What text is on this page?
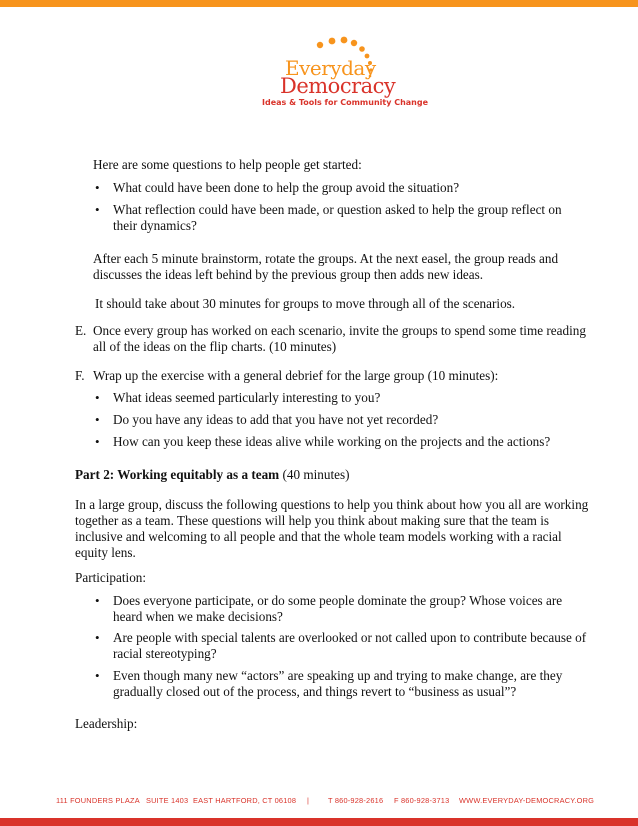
Everyday
Democracy
Ideas & Tools for Community Change

Here are some questions to help people get started:

• What could have been done to help the group avoid the situation?

• What reflection could have been made, or question asked to help the group reflect on

their dynamics?

After each 5 minute brainstorm, rotate the groups. At the next easel, the group reads and

discusses the ideas left behind by the previous group then adds new ideas.

It should take about 30 minutes for groups to move through all of the scenarios.

E. Once every group has worked on each scenario, invite the groups to spend some time reading

all of the ideas on the flip charts. (10 minutes)

F. Wrap up the exercise with a general debrief for the large group (10 minutes):

• What ideas seemed particularly interesting to you?

• Do you have any ideas to add that you have not yet recorded?

• How can you keep these ideas alive while working on the projects and the actions?

Part 2: Working equitably as a team (40 minutes)

In a large group, discuss the following questions to help you think about how you all are working

together as a team. These questions will help you think about making sure that the team is

inclusive and welcoming to all people and that the whole team models working with a racial

equity lens.

Participation:

• Does everyone participate, or do some people dominate the group? Whose voices are

heard when we make decisions?

• Are people with special talents are overlooked or not called upon to contribute because of

racial stereotyping?

• Even though many new “actors” are speaking up and trying to make change, are they

gradually closed out of the process, and things revert to “business as usual”?

Leadership:

111 FOUNDERS PLAZA SUITE 1403 EAST HARTFORD, CT 06108 |	T 860-928-2616 F 860-928-3713 WWW.EVERYDAY-DEMOCRACY.ORG
